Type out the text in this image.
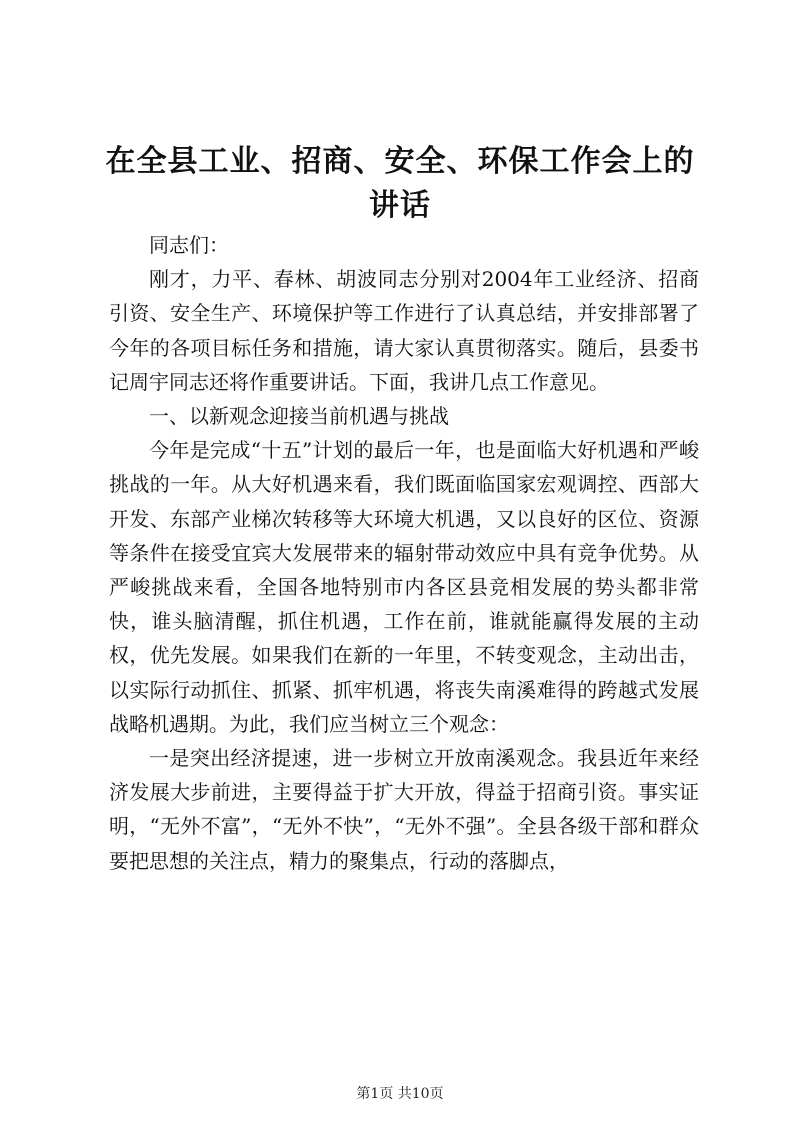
在全县工业、招商、安全、环保工作会上的讲话

同志们：

刚才，力平、春林、胡波同志分别对2004年工业经济、招商引资、安全生产、环境保护等工作进行了认真总结，并安排部署了今年的各项目标任务和措施，请大家认真贯彻落实。随后，县委书记周宇同志还将作重要讲话。下面，我讲几点工作意见。

一、以新观念迎接当前机遇与挑战

今年是完成“十五”计划的最后一年，也是面临大好机遇和严峻挑战的一年。从大好机遇来看，我们既面临国家宏观调控、西部大开发、东部产业梯次转移等大环境大机遇，又以良好的区位、资源等条件在接受宜宾大发展带来的辐射带动效应中具有竞争优势。从严峻挑战来看，全国各地特别市内各区县竞相发展的势头都非常快，谁头脑清醒，抓住机遇，工作在前，谁就能赢得发展的主动权，优先发展。如果我们在新的一年里，不转变观念，主动出击，以实际行动抓住、抓紧、抓牢机遇，将丧失南溪难得的跨越式发展战略机遇期。为此，我们应当树立三个观念：

一是突出经济提速，进一步树立开放南溪观念。我县近年来经济发展大步前进，主要得益于扩大开放，得益于招商引资。事实证明，“无外不富”，“无外不快”，“无外不强”。全县各级干部和群众要把思想的关注点，精力的聚集点，行动的落脚点，

第1页 共10页
